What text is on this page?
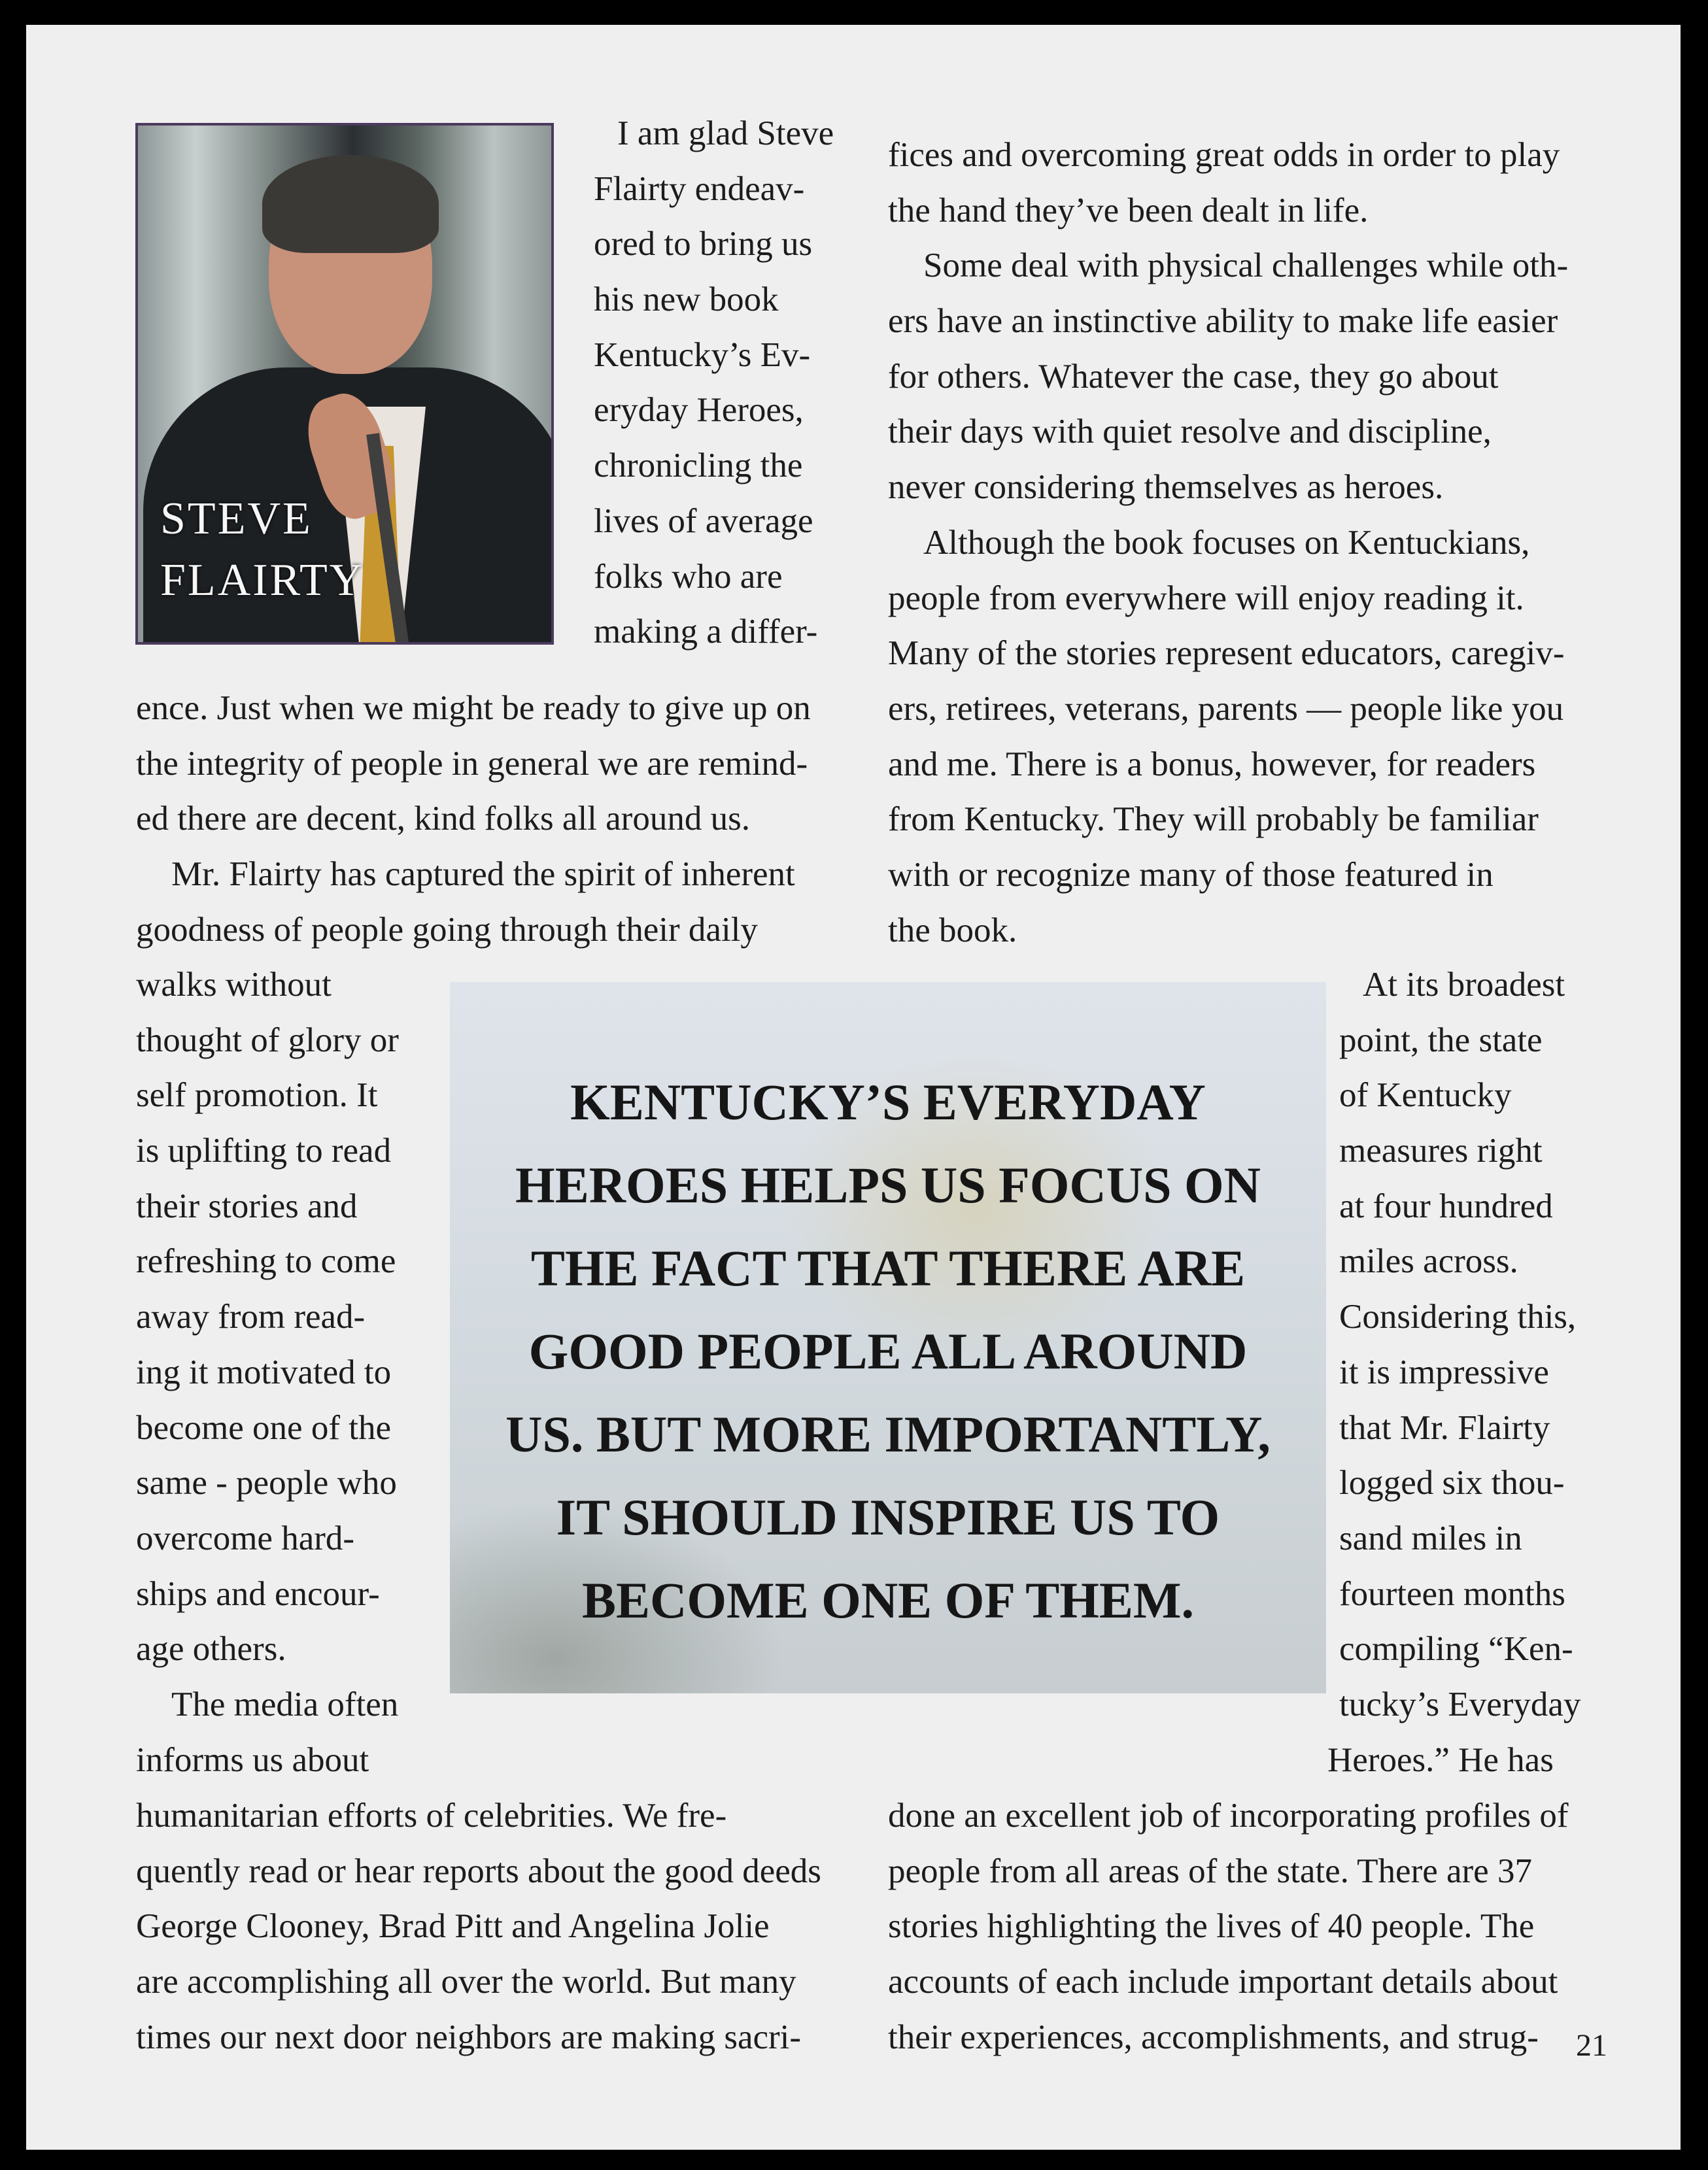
STEVE
FLAIRTY
I am glad Steve
Flairty endeav-
ored to bring us
his new book
Kentucky’s Ev-
eryday Heroes,
chronicling the
lives of average
folks who are
making a differ-
ence. Just when we might be ready to give up on
the integrity of people in general we are remind-
ed there are decent, kind folks all around us.
Mr. Flairty has captured the spirit of inherent
goodness of people going through their daily
walks without
thought of glory or
self promotion. It
is uplifting to read
their stories and
refreshing to come
away from read-
ing it motivated to
become one of the
same - people who
overcome hard-
ships and encour-
age others.
The media often
informs us about
humanitarian efforts of celebrities. We fre-
quently read or hear reports about the good deeds
George Clooney, Brad Pitt and Angelina Jolie
are accomplishing all over the world. But many
times our next door neighbors are making sacri-
fices and overcoming great odds in order to play
the hand they’ve been dealt in life.
Some deal with physical challenges while oth-
ers have an instinctive ability to make life easier
for others. Whatever the case, they go about
their days with quiet resolve and discipline,
never considering themselves as heroes.
Although the book focuses on Kentuckians,
people from everywhere will enjoy reading it.
Many of the stories represent educators, caregiv-
ers, retirees, veterans, parents — people like you
and me. There is a bonus, however, for readers
from Kentucky. They will probably be familiar
with or recognize many of those featured in
the book.
At its broadest
point, the state
of Kentucky
measures right
at four hundred
miles across.
Considering this,
it is impressive
that Mr. Flairty
logged six thou-
sand miles in
fourteen months
compiling “Ken-
tucky’s Everyday
Heroes.” He has
done an excellent job of incorporating profiles of
people from all areas of the state. There are 37
stories highlighting the lives of 40 people. The
accounts of each include important details about
their experiences, accomplishments, and strug-
KENTUCKY’S EVERYDAY
HEROES HELPS US FOCUS ON
THE FACT THAT THERE ARE
GOOD PEOPLE ALL AROUND
US. BUT MORE IMPORTANTLY,
IT SHOULD INSPIRE US TO
BECOME ONE OF THEM.
21
